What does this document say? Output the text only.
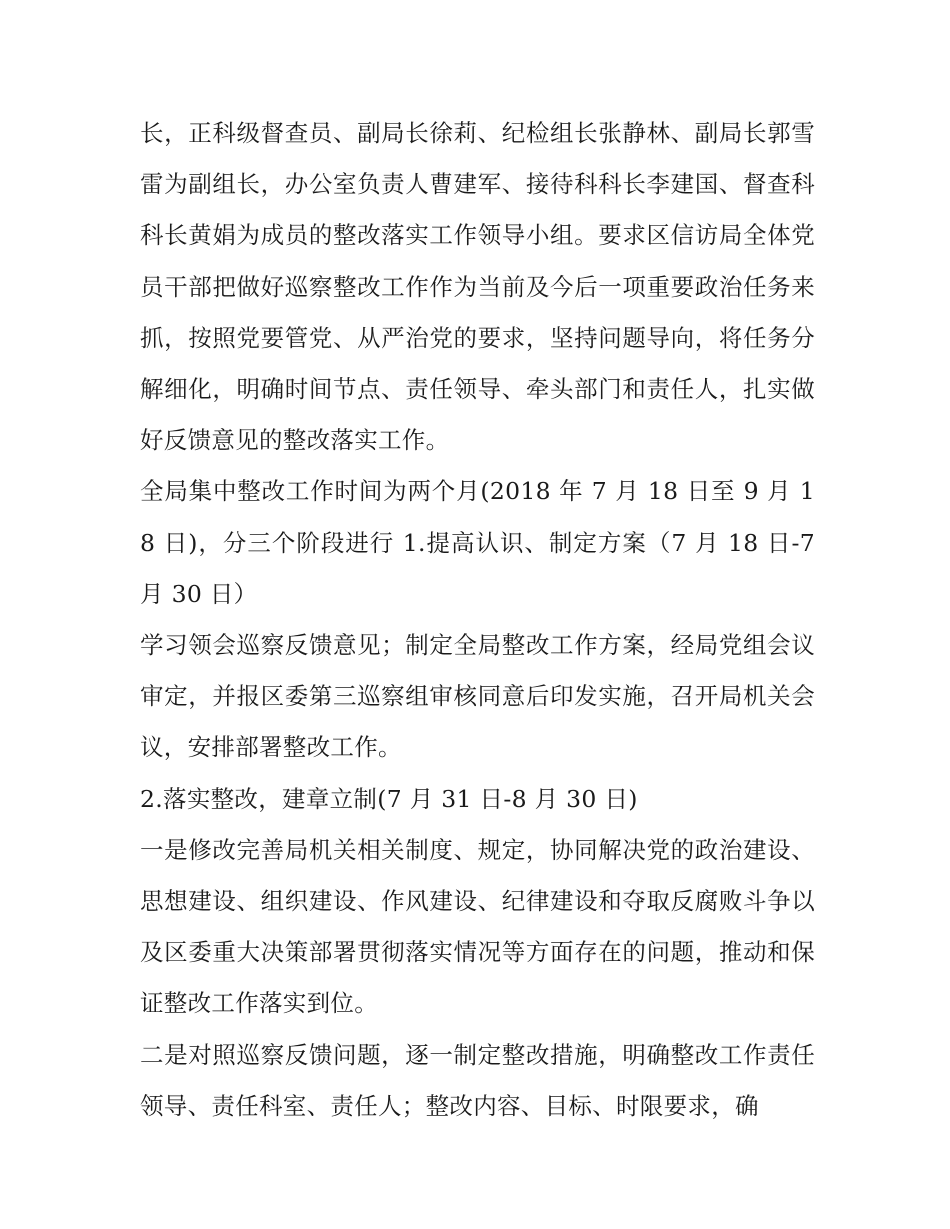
长，正科级督查员、副局长徐莉、纪检组长张静林、副局长郭雪雷为副组长，办公室负责人曹建军、接待科科长李建国、督查科科长黄娟为成员的整改落实工作领导小组。要求区信访局全体党员干部把做好巡察整改工作作为当前及今后一项重要政治任务来抓，按照党要管党、从严治党的要求，坚持问题导向，将任务分解细化，明确时间节点、责任领导、牵头部门和责任人，扎实做好反馈意见的整改落实工作。

全局集中整改工作时间为两个月(2018 年 7 月 18 日至 9 月 18 日)，分三个阶段进行 1.提高认识、制定方案（7 月 18 日-7 月 30 日）

学习领会巡察反馈意见；制定全局整改工作方案，经局党组会议审定，并报区委第三巡察组审核同意后印发实施，召开局机关会议，安排部署整改工作。

2.落实整改，建章立制(7 月 31 日-8 月 30 日)

一是修改完善局机关相关制度、规定，协同解决党的政治建设、思想建设、组织建设、作风建设、纪律建设和夺取反腐败斗争以及区委重大决策部署贯彻落实情况等方面存在的问题，推动和保证整改工作落实到位。

二是对照巡察反馈问题，逐一制定整改措施，明确整改工作责任领导、责任科室、责任人；整改内容、目标、时限要求，确
